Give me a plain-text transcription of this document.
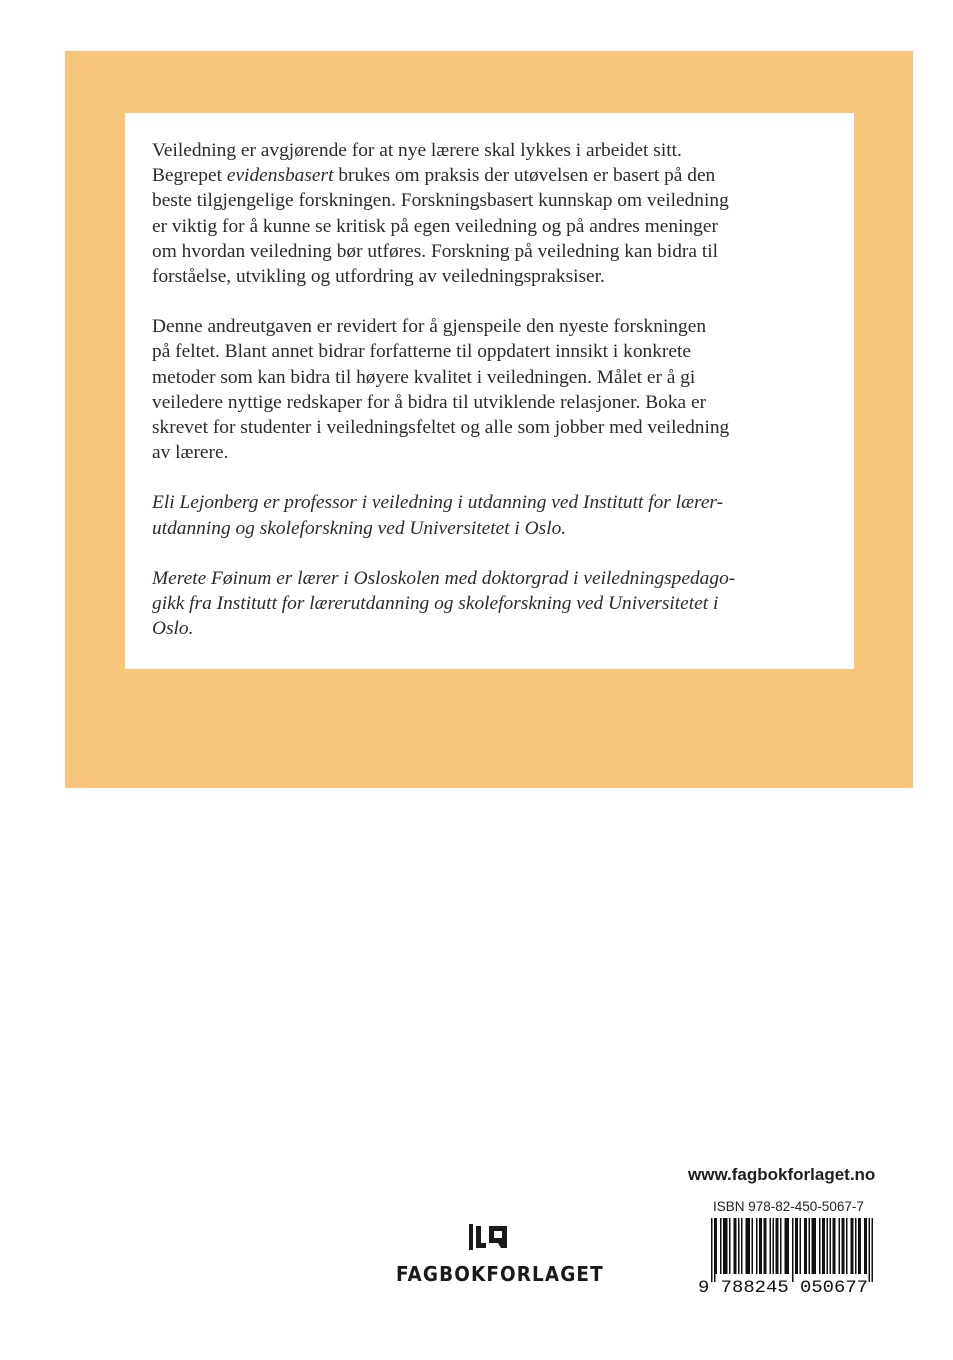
Veiledning er avgjørende for at nye lærere skal lykkes i arbeidet sitt.
Begrepet evidensbasert brukes om praksis der utøvelsen er basert på den
beste tilgjengelige forskningen. Forskningsbasert kunnskap om veiledning
er viktig for å kunne se kritisk på egen veiledning og på andres meninger
om hvordan veiledning bør utføres. Forskning på veiledning kan bidra til
forståelse, utvikling og utfordring av veiledningspraksiser.

Denne andreutgaven er revidert for å gjenspeile den nyeste forskningen
på feltet. Blant annet bidrar forfatterne til oppdatert innsikt i konkrete
metoder som kan bidra til høyere kvalitet i veiledningen. Målet er å gi
veiledere nyttige redskaper for å bidra til utviklende relasjoner. Boka er
skrevet for studenter i veiledningsfeltet og alle som jobber med veiledning
av lærere.

Eli Lejonberg er professor i veiledning i utdanning ved Institutt for lærer-
utdanning og skoleforskning ved Universitetet i Oslo.

Merete Føinum er lærer i Osloskolen med doktorgrad i veiledningspedago-
gikk fra Institutt for lærerutdanning og skoleforskning ved Universitetet i
Oslo.

www.fagbokforlaget.no
ISBN 978-82-450-5067-7
9 788245 050677
FAGBOKFORLAGET
